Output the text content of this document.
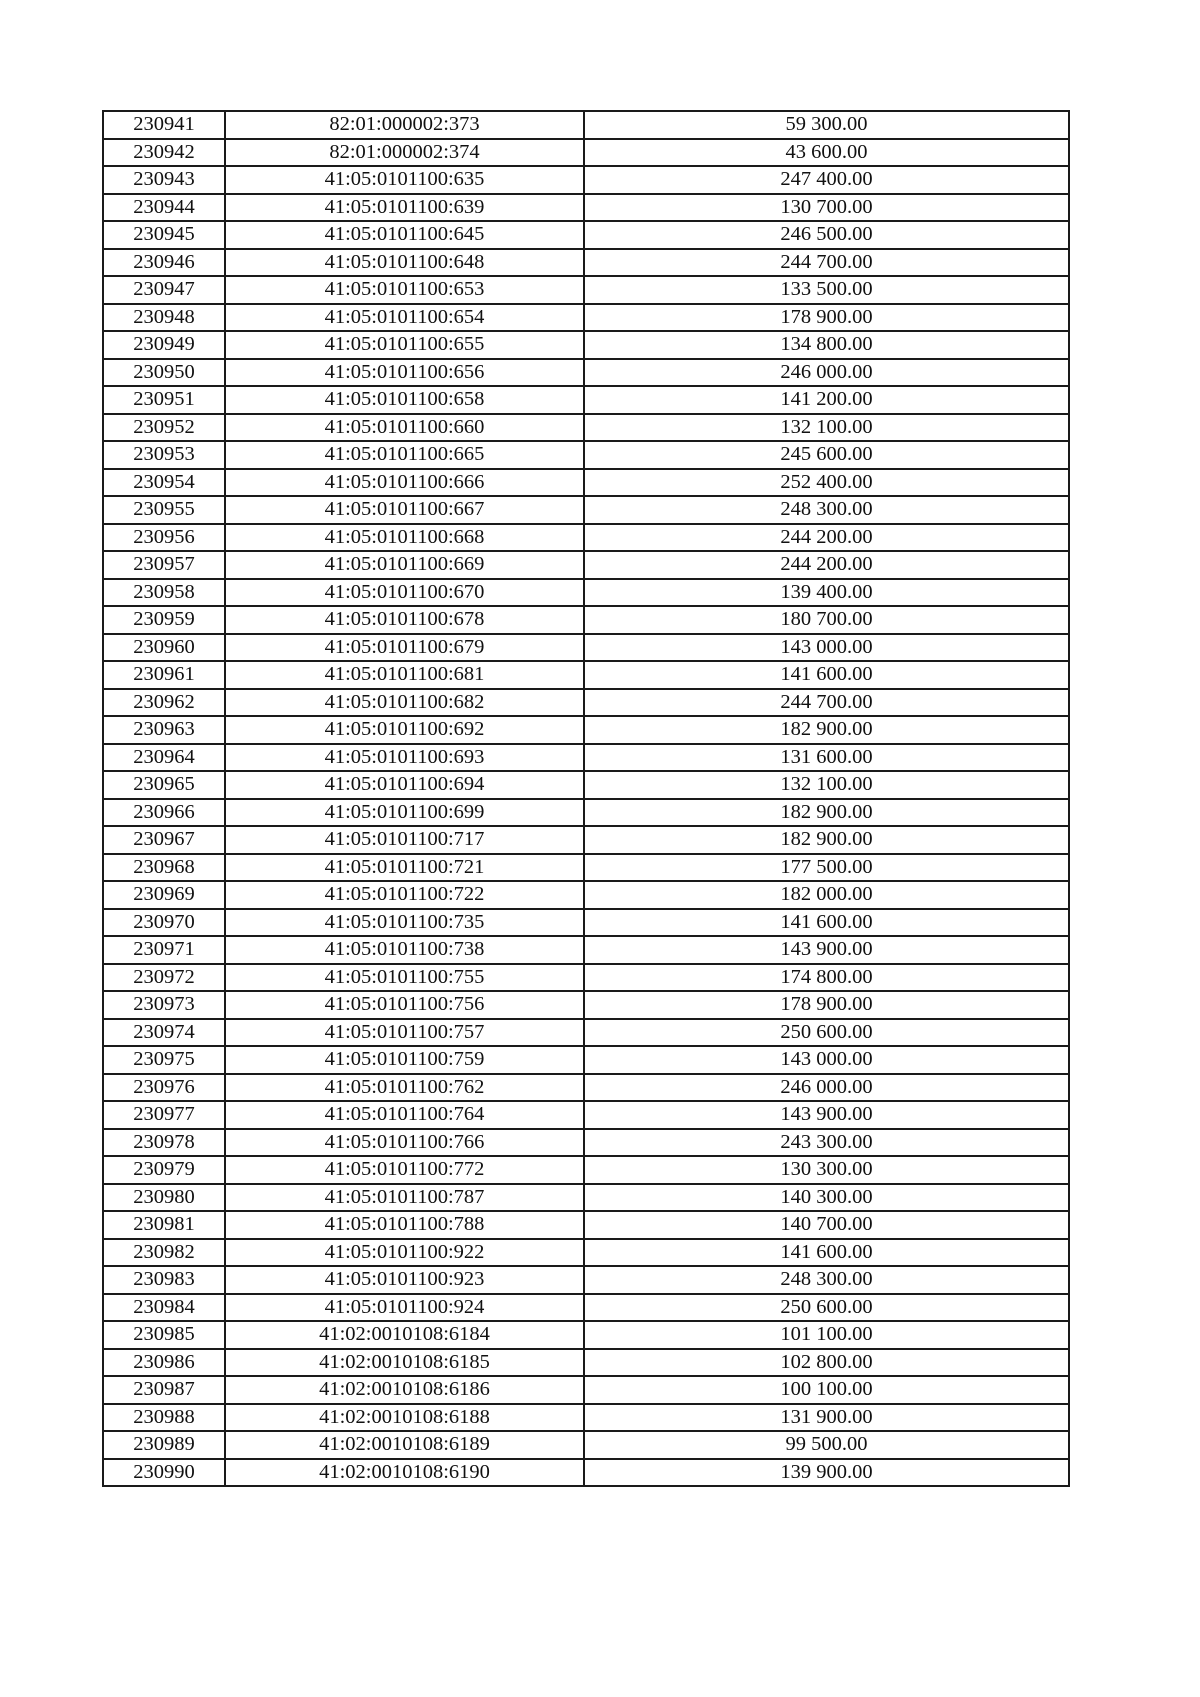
230941	82:01:000002:373	59 300.00
230942	82:01:000002:374	43 600.00
230943	41:05:0101100:635	247 400.00
230944	41:05:0101100:639	130 700.00
230945	41:05:0101100:645	246 500.00
230946	41:05:0101100:648	244 700.00
230947	41:05:0101100:653	133 500.00
230948	41:05:0101100:654	178 900.00
230949	41:05:0101100:655	134 800.00
230950	41:05:0101100:656	246 000.00
230951	41:05:0101100:658	141 200.00
230952	41:05:0101100:660	132 100.00
230953	41:05:0101100:665	245 600.00
230954	41:05:0101100:666	252 400.00
230955	41:05:0101100:667	248 300.00
230956	41:05:0101100:668	244 200.00
230957	41:05:0101100:669	244 200.00
230958	41:05:0101100:670	139 400.00
230959	41:05:0101100:678	180 700.00
230960	41:05:0101100:679	143 000.00
230961	41:05:0101100:681	141 600.00
230962	41:05:0101100:682	244 700.00
230963	41:05:0101100:692	182 900.00
230964	41:05:0101100:693	131 600.00
230965	41:05:0101100:694	132 100.00
230966	41:05:0101100:699	182 900.00
230967	41:05:0101100:717	182 900.00
230968	41:05:0101100:721	177 500.00
230969	41:05:0101100:722	182 000.00
230970	41:05:0101100:735	141 600.00
230971	41:05:0101100:738	143 900.00
230972	41:05:0101100:755	174 800.00
230973	41:05:0101100:756	178 900.00
230974	41:05:0101100:757	250 600.00
230975	41:05:0101100:759	143 000.00
230976	41:05:0101100:762	246 000.00
230977	41:05:0101100:764	143 900.00
230978	41:05:0101100:766	243 300.00
230979	41:05:0101100:772	130 300.00
230980	41:05:0101100:787	140 300.00
230981	41:05:0101100:788	140 700.00
230982	41:05:0101100:922	141 600.00
230983	41:05:0101100:923	248 300.00
230984	41:05:0101100:924	250 600.00
230985	41:02:0010108:6184	101 100.00
230986	41:02:0010108:6185	102 800.00
230987	41:02:0010108:6186	100 100.00
230988	41:02:0010108:6188	131 900.00
230989	41:02:0010108:6189	99 500.00
230990	41:02:0010108:6190	139 900.00
